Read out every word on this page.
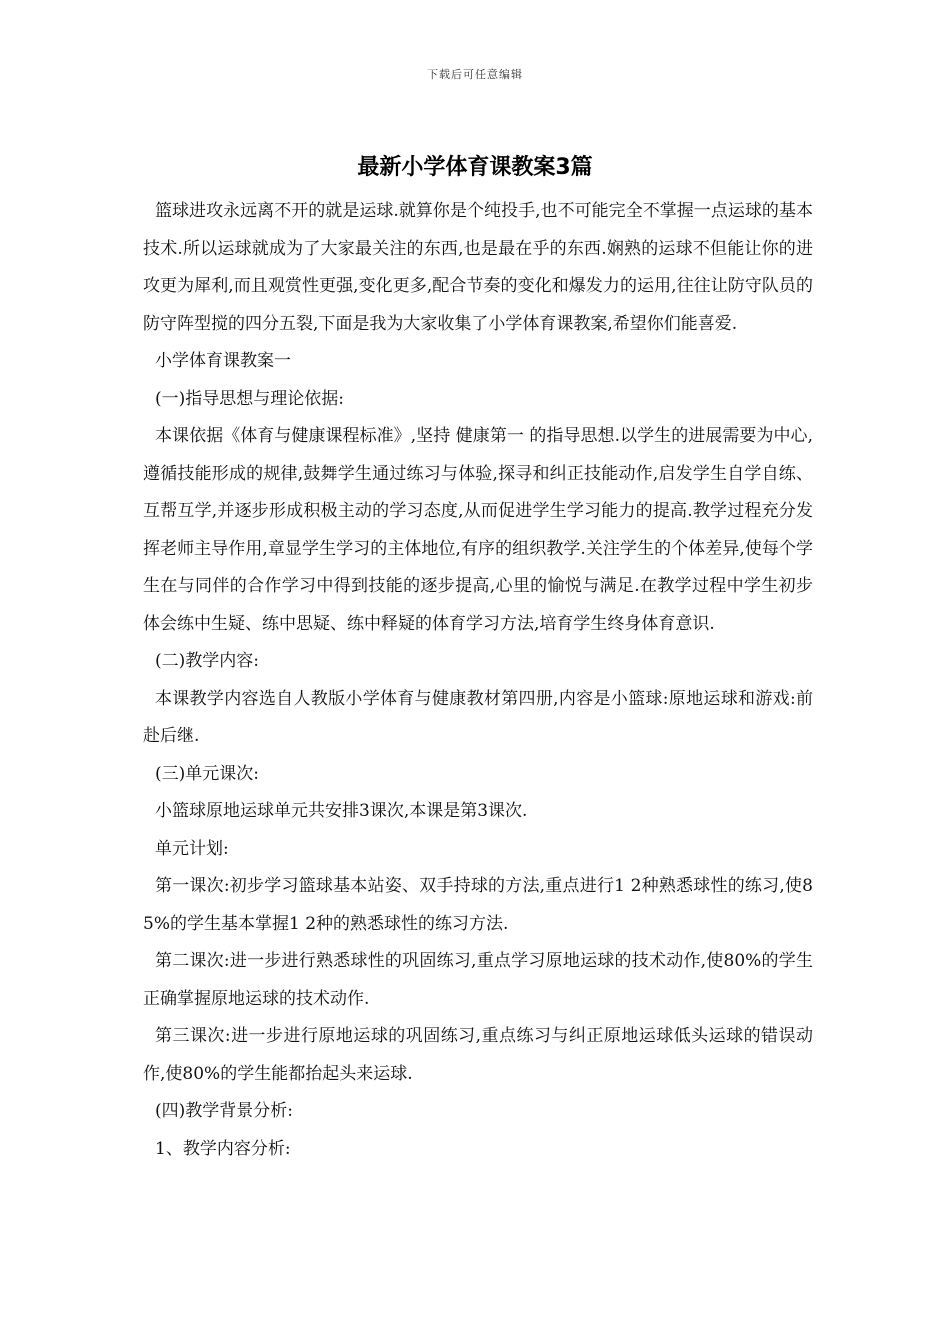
下载后可任意编辑
最新小学体育课教案3篇

篮球进攻永远离不开的就是运球.就算你是个纯投手,也不可能完全不掌握一点运球的基本技术.所以运球就成为了大家最关注的东西,也是最在乎的东西.娴熟的运球不但能让你的进攻更为犀利,而且观赏性更强,变化更多,配合节奏的变化和爆发力的运用,往往让防守队员的防守阵型搅的四分五裂,下面是我为大家收集了小学体育课教案,希望你们能喜爱.

小学体育课教案一

(一)指导思想与理论依据:

本课依据《体育与健康课程标准》,坚持 健康第一 的指导思想.以学生的进展需要为中心,遵循技能形成的规律,鼓舞学生通过练习与体验,探寻和纠正技能动作,启发学生自学自练、互帮互学,并逐步形成积极主动的学习态度,从而促进学生学习能力的提高.教学过程充分发挥老师主导作用,章显学生学习的主体地位,有序的组织教学.关注学生的个体差异,使每个学生在与同伴的合作学习中得到技能的逐步提高,心里的愉悦与满足.在教学过程中学生初步体会练中生疑、练中思疑、练中释疑的体育学习方法,培育学生终身体育意识.

(二)教学内容:

本课教学内容选自人教版小学体育与健康教材第四册,内容是小篮球:原地运球和游戏:前赴后继.

(三)单元课次:

小篮球原地运球单元共安排3课次,本课是第3课次.

单元计划:

第一课次:初步学习篮球基本站姿、双手持球的方法,重点进行1 2种熟悉球性的练习,使85%的学生基本掌握1 2种的熟悉球性的练习方法.

第二课次:进一步进行熟悉球性的巩固练习,重点学习原地运球的技术动作,使80%的学生正确掌握原地运球的技术动作.

第三课次:进一步进行原地运球的巩固练习,重点练习与纠正原地运球低头运球的错误动作,使80%的学生能都抬起头来运球.

(四)教学背景分析:

1、教学内容分析:
